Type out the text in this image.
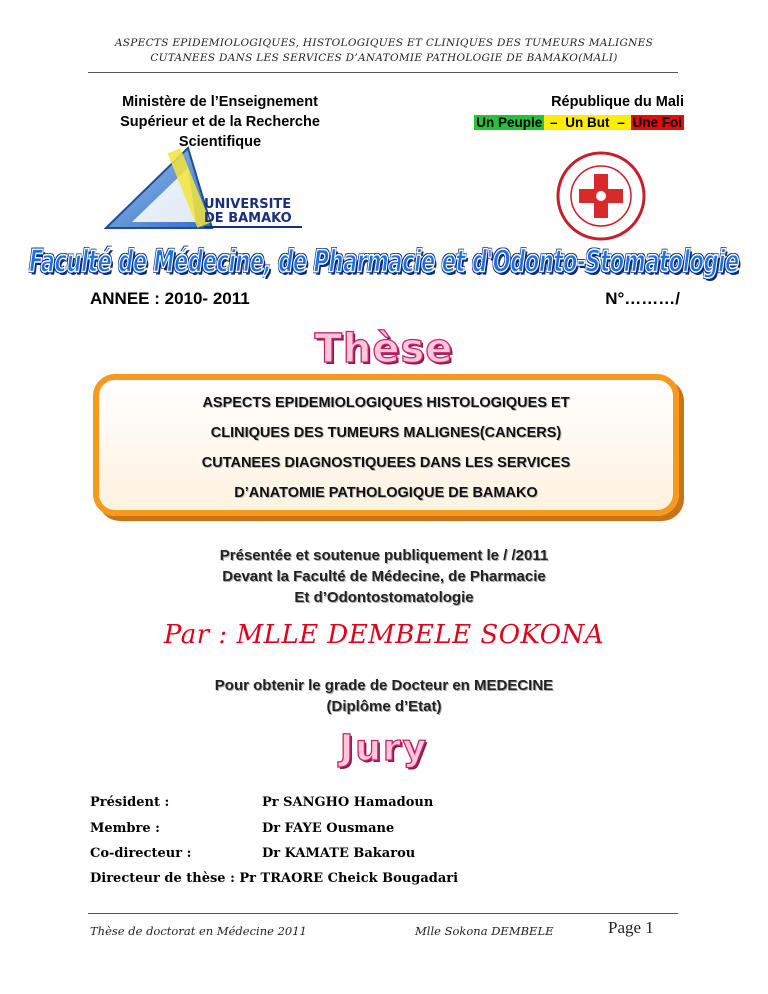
ASPECTS EPIDEMIOLOGIQUES, HISTOLOGIQUES ET CLINIQUES DES TUMEURS MALIGNES
CUTANEES DANS LES SERVICES D’ANATOMIE PATHOLOGIE DE BAMAKO(MALI)
Ministère de l’Enseignement
Supérieur et de la Recherche
Scientifique
République du Mali
Un Peuple – Un But – Une Foi
UNIVERSITE
DE BAMAKO
Faculté de Médecine, de Pharmacie et d'Odonto-Stomatologie
ANNEE : 2010- 2011	N°………/
Thèse
ASPECTS EPIDEMIOLOGIQUES HISTOLOGIQUES ET
CLINIQUES DES TUMEURS MALIGNES(CANCERS)
CUTANEES DIAGNOSTIQUEES DANS LES SERVICES
D’ANATOMIE PATHOLOGIQUE DE BAMAKO
Présentée et soutenue publiquement le / /2011
Devant la Faculté de Médecine, de Pharmacie
Et d’Odontostomatologie
Par : MLLE DEMBELE SOKONA
Pour obtenir le grade de Docteur en MEDECINE
(Diplôme d’Etat)
Jury
Président :	Pr SANGHO Hamadoun
Membre :	Dr FAYE Ousmane
Co-directeur :	Dr KAMATE Bakarou
Directeur de thèse : Pr TRAORE Cheick Bougadari
Thèse de doctorat en Médecine 2011	Mlle Sokona DEMBELE	Page 1
